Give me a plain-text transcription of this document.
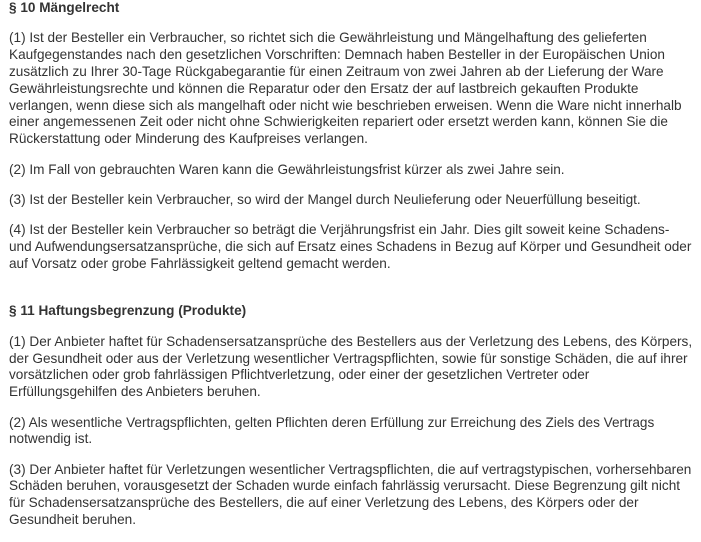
§ 10 Mängelrecht

(1) Ist der Besteller ein Verbraucher, so richtet sich die Gewährleistung und Mängelhaftung des gelieferten Kaufgegenstandes nach den gesetzlichen Vorschriften: Demnach haben Besteller in der Europäischen Union zusätzlich zu Ihrer 30-Tage Rückgabegarantie für einen Zeitraum von zwei Jahren ab der Lieferung der Ware Gewährleistungsrechte und können die Reparatur oder den Ersatz der auf lastbreich gekauften Produkte verlangen, wenn diese sich als mangelhaft oder nicht wie beschrieben erweisen. Wenn die Ware nicht innerhalb einer angemessenen Zeit oder nicht ohne Schwierigkeiten repariert oder ersetzt werden kann, können Sie die Rückerstattung oder Minderung des Kaufpreises verlangen.

(2) Im Fall von gebrauchten Waren kann die Gewährleistungsfrist kürzer als zwei Jahre sein.

(3) Ist der Besteller kein Verbraucher, so wird der Mangel durch Neulieferung oder Neuerfüllung beseitigt.

(4) Ist der Besteller kein Verbraucher so beträgt die Verjährungsfrist ein Jahr. Dies gilt soweit keine Schadens- und Aufwendungsersatzansprüche, die sich auf Ersatz eines Schadens in Bezug auf Körper und Gesundheit oder auf Vorsatz oder grobe Fahrlässigkeit geltend gemacht werden.

§ 11 Haftungsbegrenzung (Produkte)

(1) Der Anbieter haftet für Schadensersatzansprüche des Bestellers aus der Verletzung des Lebens, des Körpers, der Gesundheit oder aus der Verletzung wesentlicher Vertragspflichten, sowie für sonstige Schäden, die auf ihrer vorsätzlichen oder grob fahrlässigen Pflichtverletzung, oder einer der gesetzlichen Vertreter oder Erfüllungsgehilfen des Anbieters beruhen.

(2) Als wesentliche Vertragspflichten, gelten Pflichten deren Erfüllung zur Erreichung des Ziels des Vertrags notwendig ist.

(3) Der Anbieter haftet für Verletzungen wesentlicher Vertragspflichten, die auf vertragstypischen, vorhersehbaren Schäden beruhen, vorausgesetzt der Schaden wurde einfach fahrlässig verursacht. Diese Begrenzung gilt nicht für Schadensersatzansprüche des Bestellers, die auf einer Verletzung des Lebens, des Körpers oder der Gesundheit beruhen.
